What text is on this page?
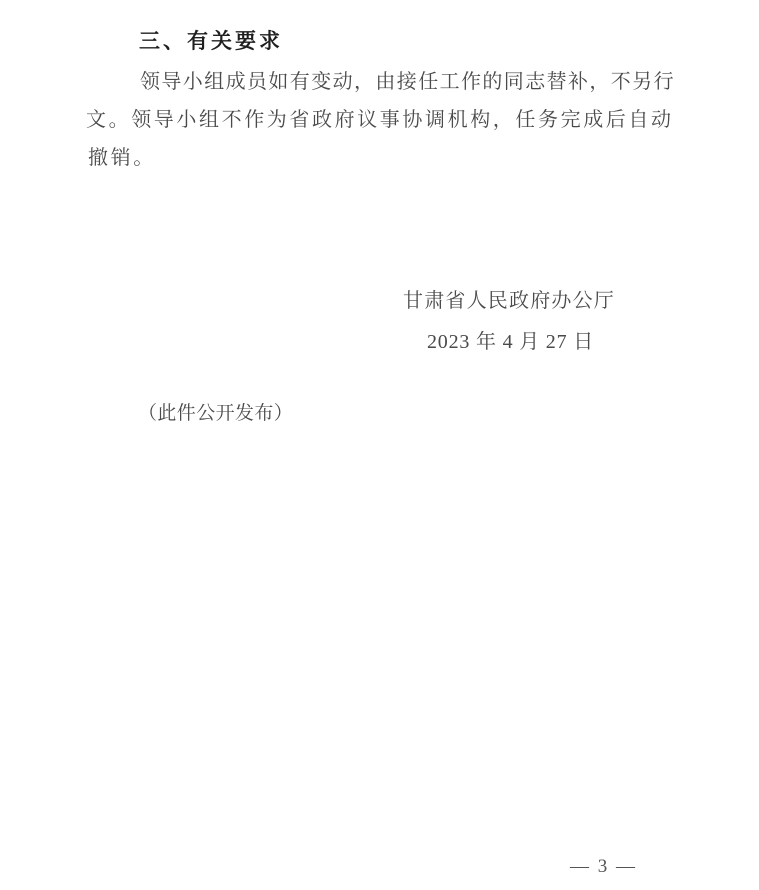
三、有关要求
领导小组成员如有变动，由接任工作的同志替补，不另行
文。领导小组不作为省政府议事协调机构，任务完成后自动
撤销。
甘肃省人民政府办公厅
2023 年 4 月 27 日
（此件公开发布）
— 3 —
